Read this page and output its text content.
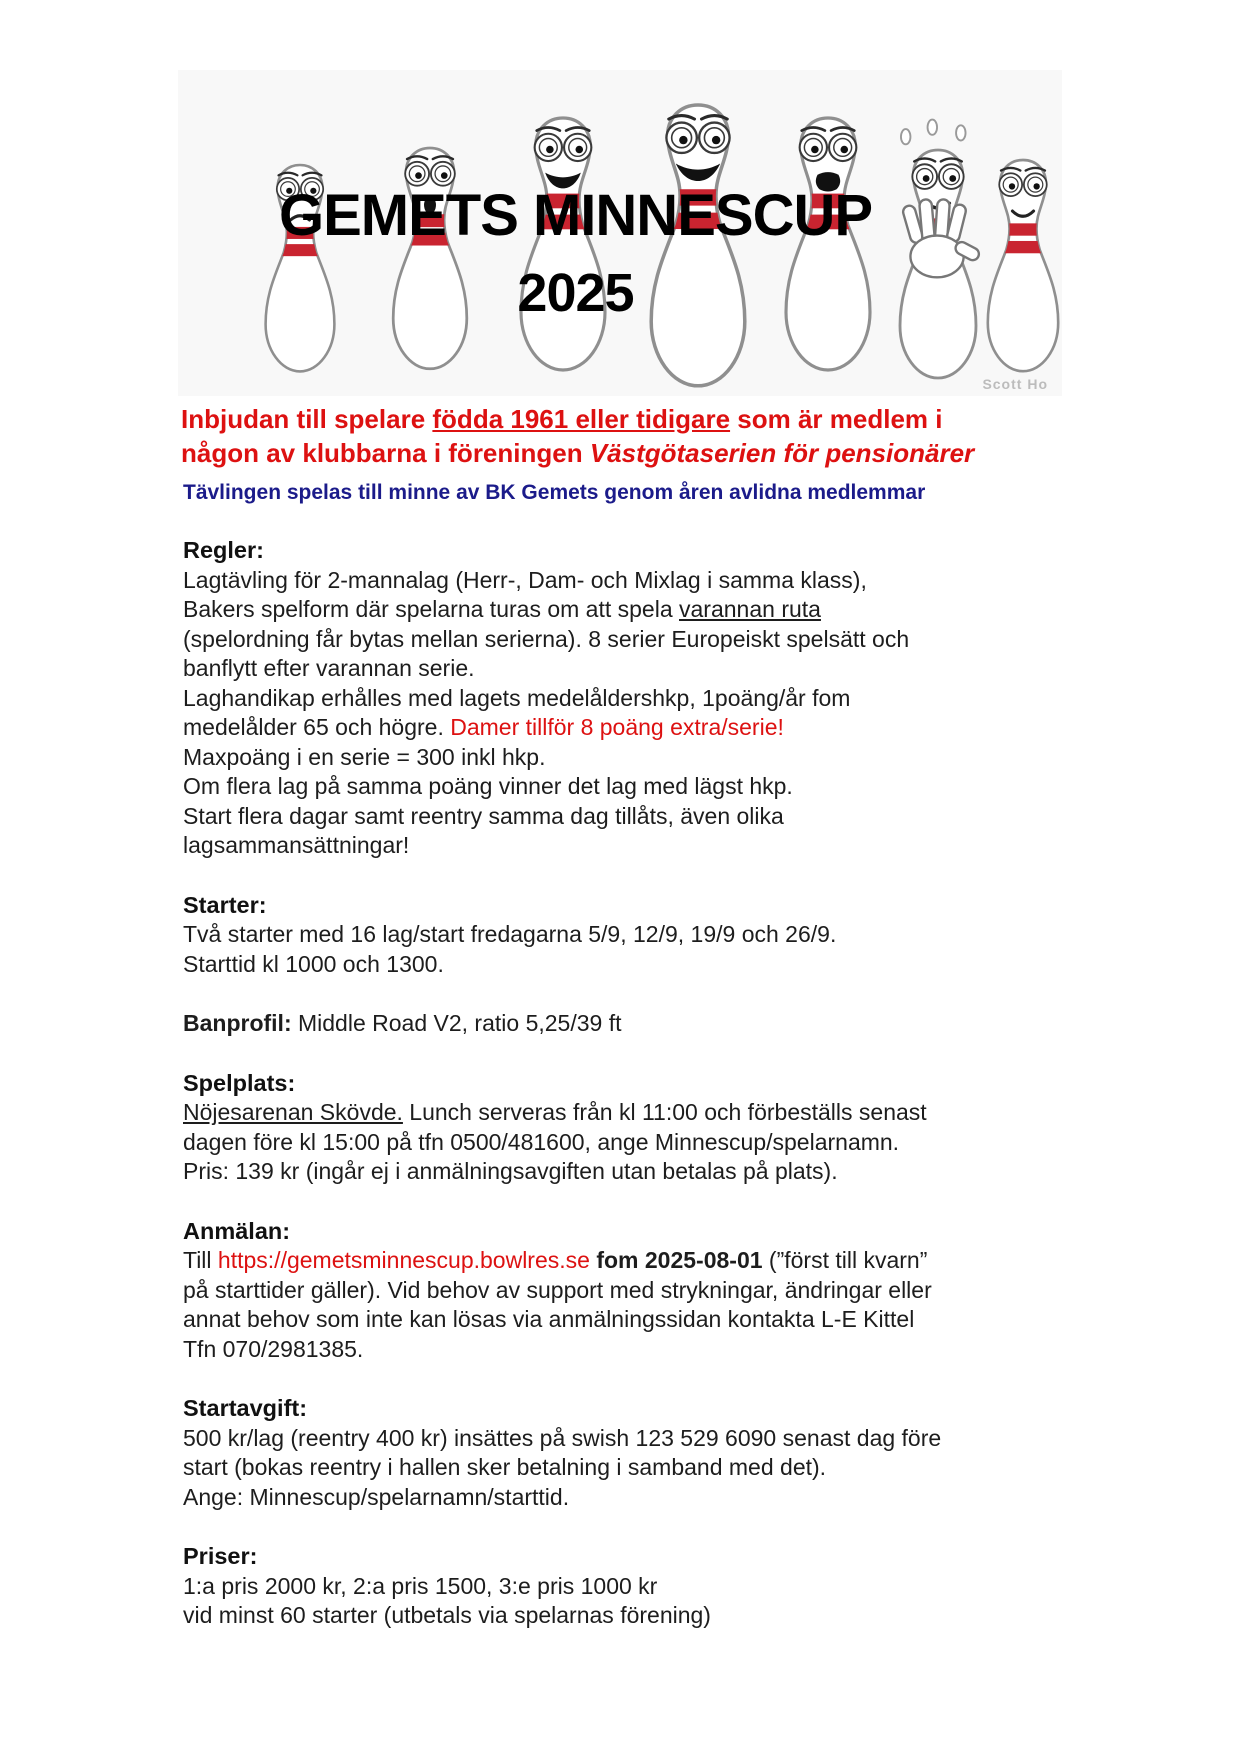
GEMETS MINNESCUP
2025
Scott Ho
Inbjudan till spelare födda 1961 eller tidigare som är medlem i
någon av klubbarna i föreningen Västgötaserien för pensionärer
Tävlingen spelas till minne av BK Gemets genom åren avlidna medlemmar
Regler:
Lagtävling för 2-mannalag (Herr-, Dam- och Mixlag i samma klass),
Bakers spelform där spelarna turas om att spela varannan ruta
(spelordning får bytas mellan serierna). 8 serier Europeiskt spelsätt och
banflytt efter varannan serie.
Laghandikap erhålles med lagets medelåldershkp, 1poäng/år fom
medelålder 65 och högre. Damer tillför 8 poäng extra/serie!
Maxpoäng i en serie = 300 inkl hkp.
Om flera lag på samma poäng vinner det lag med lägst hkp.
Start flera dagar samt reentry samma dag tillåts, även olika
lagsammansättningar!
Starter:
Två starter med 16 lag/start fredagarna 5/9, 12/9, 19/9 och 26/9.
Starttid kl 1000 och 1300.
Banprofil: Middle Road V2, ratio 5,25/39 ft
Spelplats:
Nöjesarenan Skövde. Lunch serveras från kl 11:00 och förbeställs senast
dagen före kl 15:00 på tfn 0500/481600, ange Minnescup/spelarnamn.
Pris: 139 kr (ingår ej i anmälningsavgiften utan betalas på plats).
Anmälan:
Till https://gemetsminnescup.bowlres.se fom 2025-08-01 (”först till kvarn”
på starttider gäller). Vid behov av support med strykningar, ändringar eller
annat behov som inte kan lösas via anmälningssidan kontakta L-E Kittel
Tfn 070/2981385.
Startavgift:
500 kr/lag (reentry 400 kr) insättes på swish 123 529 6090 senast dag före
start (bokas reentry i hallen sker betalning i samband med det).
Ange: Minnescup/spelarnamn/starttid.
Priser:
1:a pris 2000 kr, 2:a pris 1500, 3:e pris 1000 kr
vid minst 60 starter (utbetals via spelarnas förening)
